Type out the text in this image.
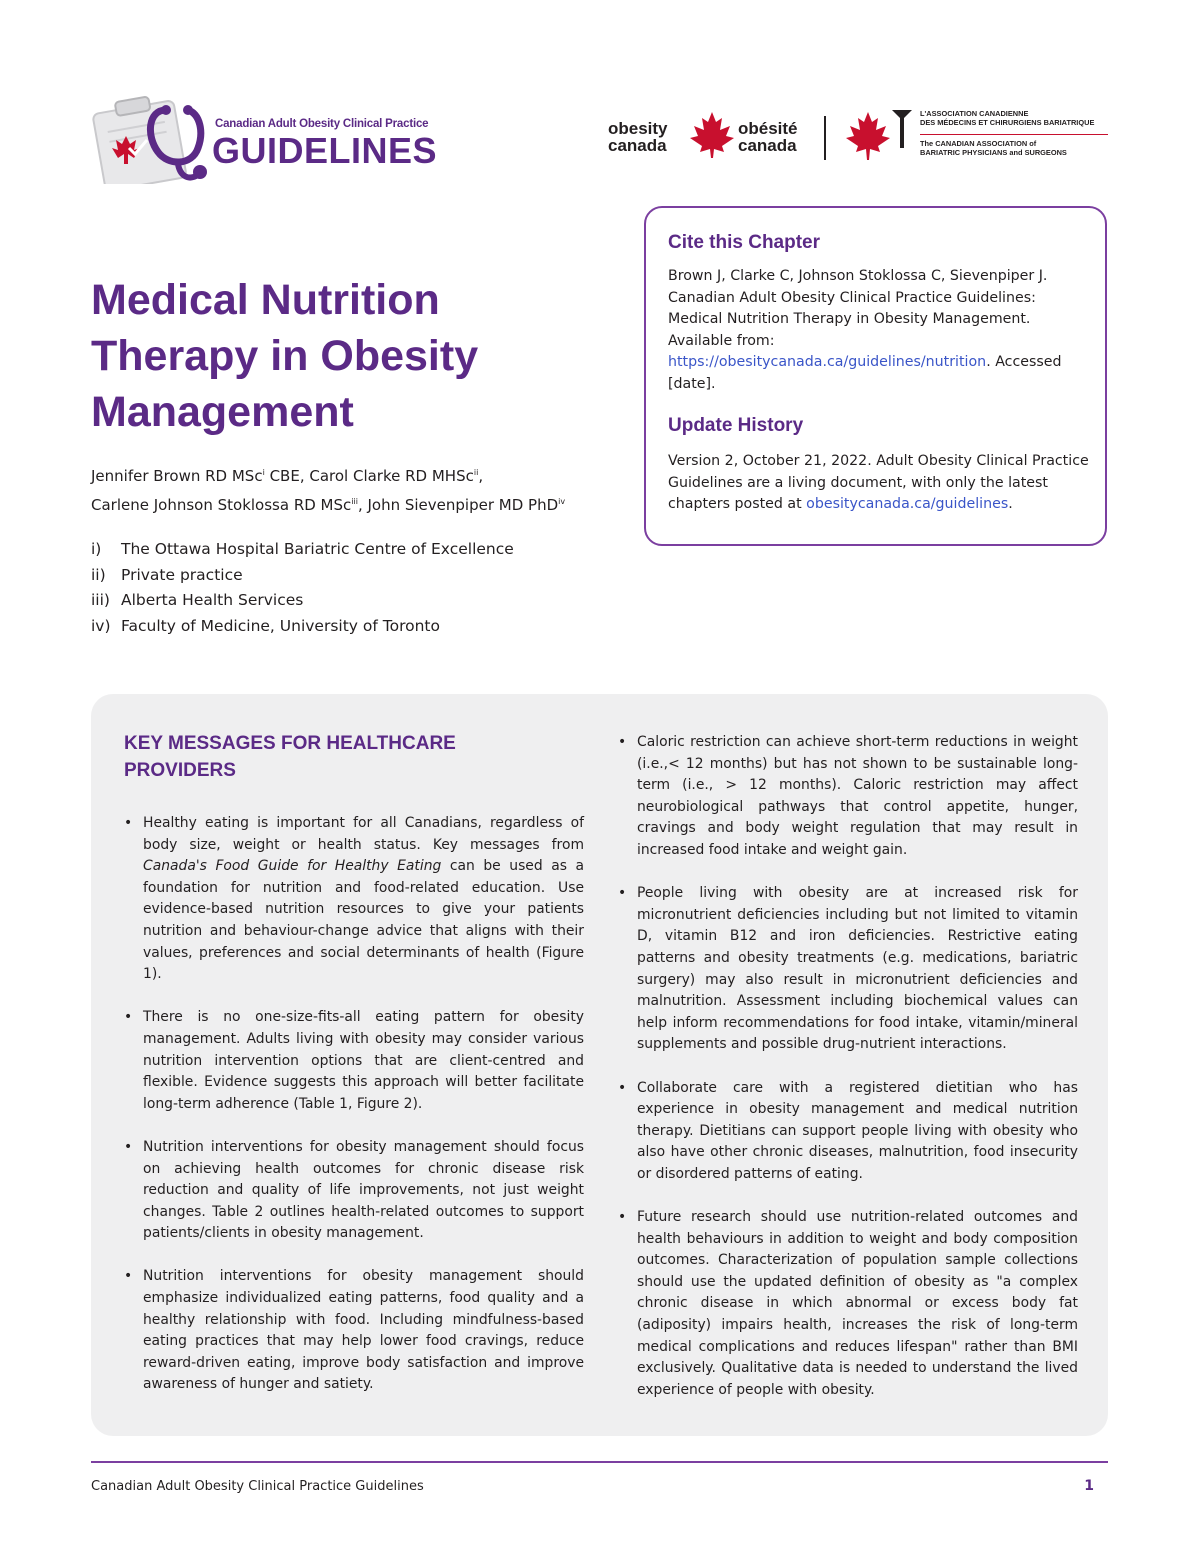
Canadian Adult Obesity Clinical Practice
GUIDELINES
obesity
canada
obésité
canada
L'ASSOCIATION CANADIENNE
DES MÉDECINS ET CHIRURGIENS BARIATRIQUE
The CANADIAN ASSOCIATION of
BARIATRIC PHYSICIANS and SURGEONS
Medical Nutrition
Therapy in Obesity
Management
Jennifer Brown RD MSc$^i$ CBE, Carol Clarke RD MHSc$^{ii}$,
Carlene Johnson Stoklossa RD MSc$^{iii}$, John Sievenpiper MD PhD$^{iv}$
i) The Ottawa Hospital Bariatric Centre of Excellence
ii) Private practice
iii) Alberta Health Services
iv) Faculty of Medicine, University of Toronto
Cite this Chapter
Brown J, Clarke C, Johnson Stoklossa C, Sievenpiper J. Canadian Adult Obesity Clinical Practice Guidelines: Medical Nutrition Therapy in Obesity Management. Available from: https://obesitycanada.ca/guidelines/nutrition. Accessed [date].
Update History
Version 2, October 21, 2022. Adult Obesity Clinical Practice Guidelines are a living document, with only the latest chapters posted at obesitycanada.ca/guidelines.
KEY MESSAGES FOR HEALTHCARE PROVIDERS
• Healthy eating is important for all Canadians, regardless of body size, weight or health status. Key messages from Canada's Food Guide for Healthy Eating can be used as a foundation for nutrition and food-related education. Use evidence-based nutrition resources to give your patients nutrition and behaviour-change advice that aligns with their values, preferences and social determinants of health (Figure 1).
• There is no one-size-fits-all eating pattern for obesity management. Adults living with obesity may consider various nutrition intervention options that are client-centred and flexible. Evidence suggests this approach will better facilitate long-term adherence (Table 1, Figure 2).
• Nutrition interventions for obesity management should focus on achieving health outcomes for chronic disease risk reduction and quality of life improvements, not just weight changes. Table 2 outlines health-related outcomes to support patients/clients in obesity management.
• Nutrition interventions for obesity management should emphasize individualized eating patterns, food quality and a healthy relationship with food. Including mindfulness-based eating practices that may help lower food cravings, reduce reward-driven eating, improve body satisfaction and improve awareness of hunger and satiety.
• Caloric restriction can achieve short-term reductions in weight (i.e.,< 12 months) but has not shown to be sustainable long-term (i.e., > 12 months). Caloric restriction may affect neurobiological pathways that control appetite, hunger, cravings and body weight regulation that may result in increased food intake and weight gain.
• People living with obesity are at increased risk for micronutrient deficiencies including but not limited to vitamin D, vitamin B12 and iron deficiencies. Restrictive eating patterns and obesity treatments (e.g. medications, bariatric surgery) may also result in micronutrient deficiencies and malnutrition. Assessment including biochemical values can help inform recommendations for food intake, vitamin/mineral supplements and possible drug-nutrient interactions.
• Collaborate care with a registered dietitian who has experience in obesity management and medical nutrition therapy. Dietitians can support people living with obesity who also have other chronic diseases, malnutrition, food insecurity or disordered patterns of eating.
• Future research should use nutrition-related outcomes and health behaviours in addition to weight and body composition outcomes. Characterization of population sample collections should use the updated definition of obesity as "a complex chronic disease in which abnormal or excess body fat (adiposity) impairs health, increases the risk of long-term medical complications and reduces lifespan" rather than BMI exclusively. Qualitative data is needed to understand the lived experience of people with obesity.
Canadian Adult Obesity Clinical Practice Guidelines	1
